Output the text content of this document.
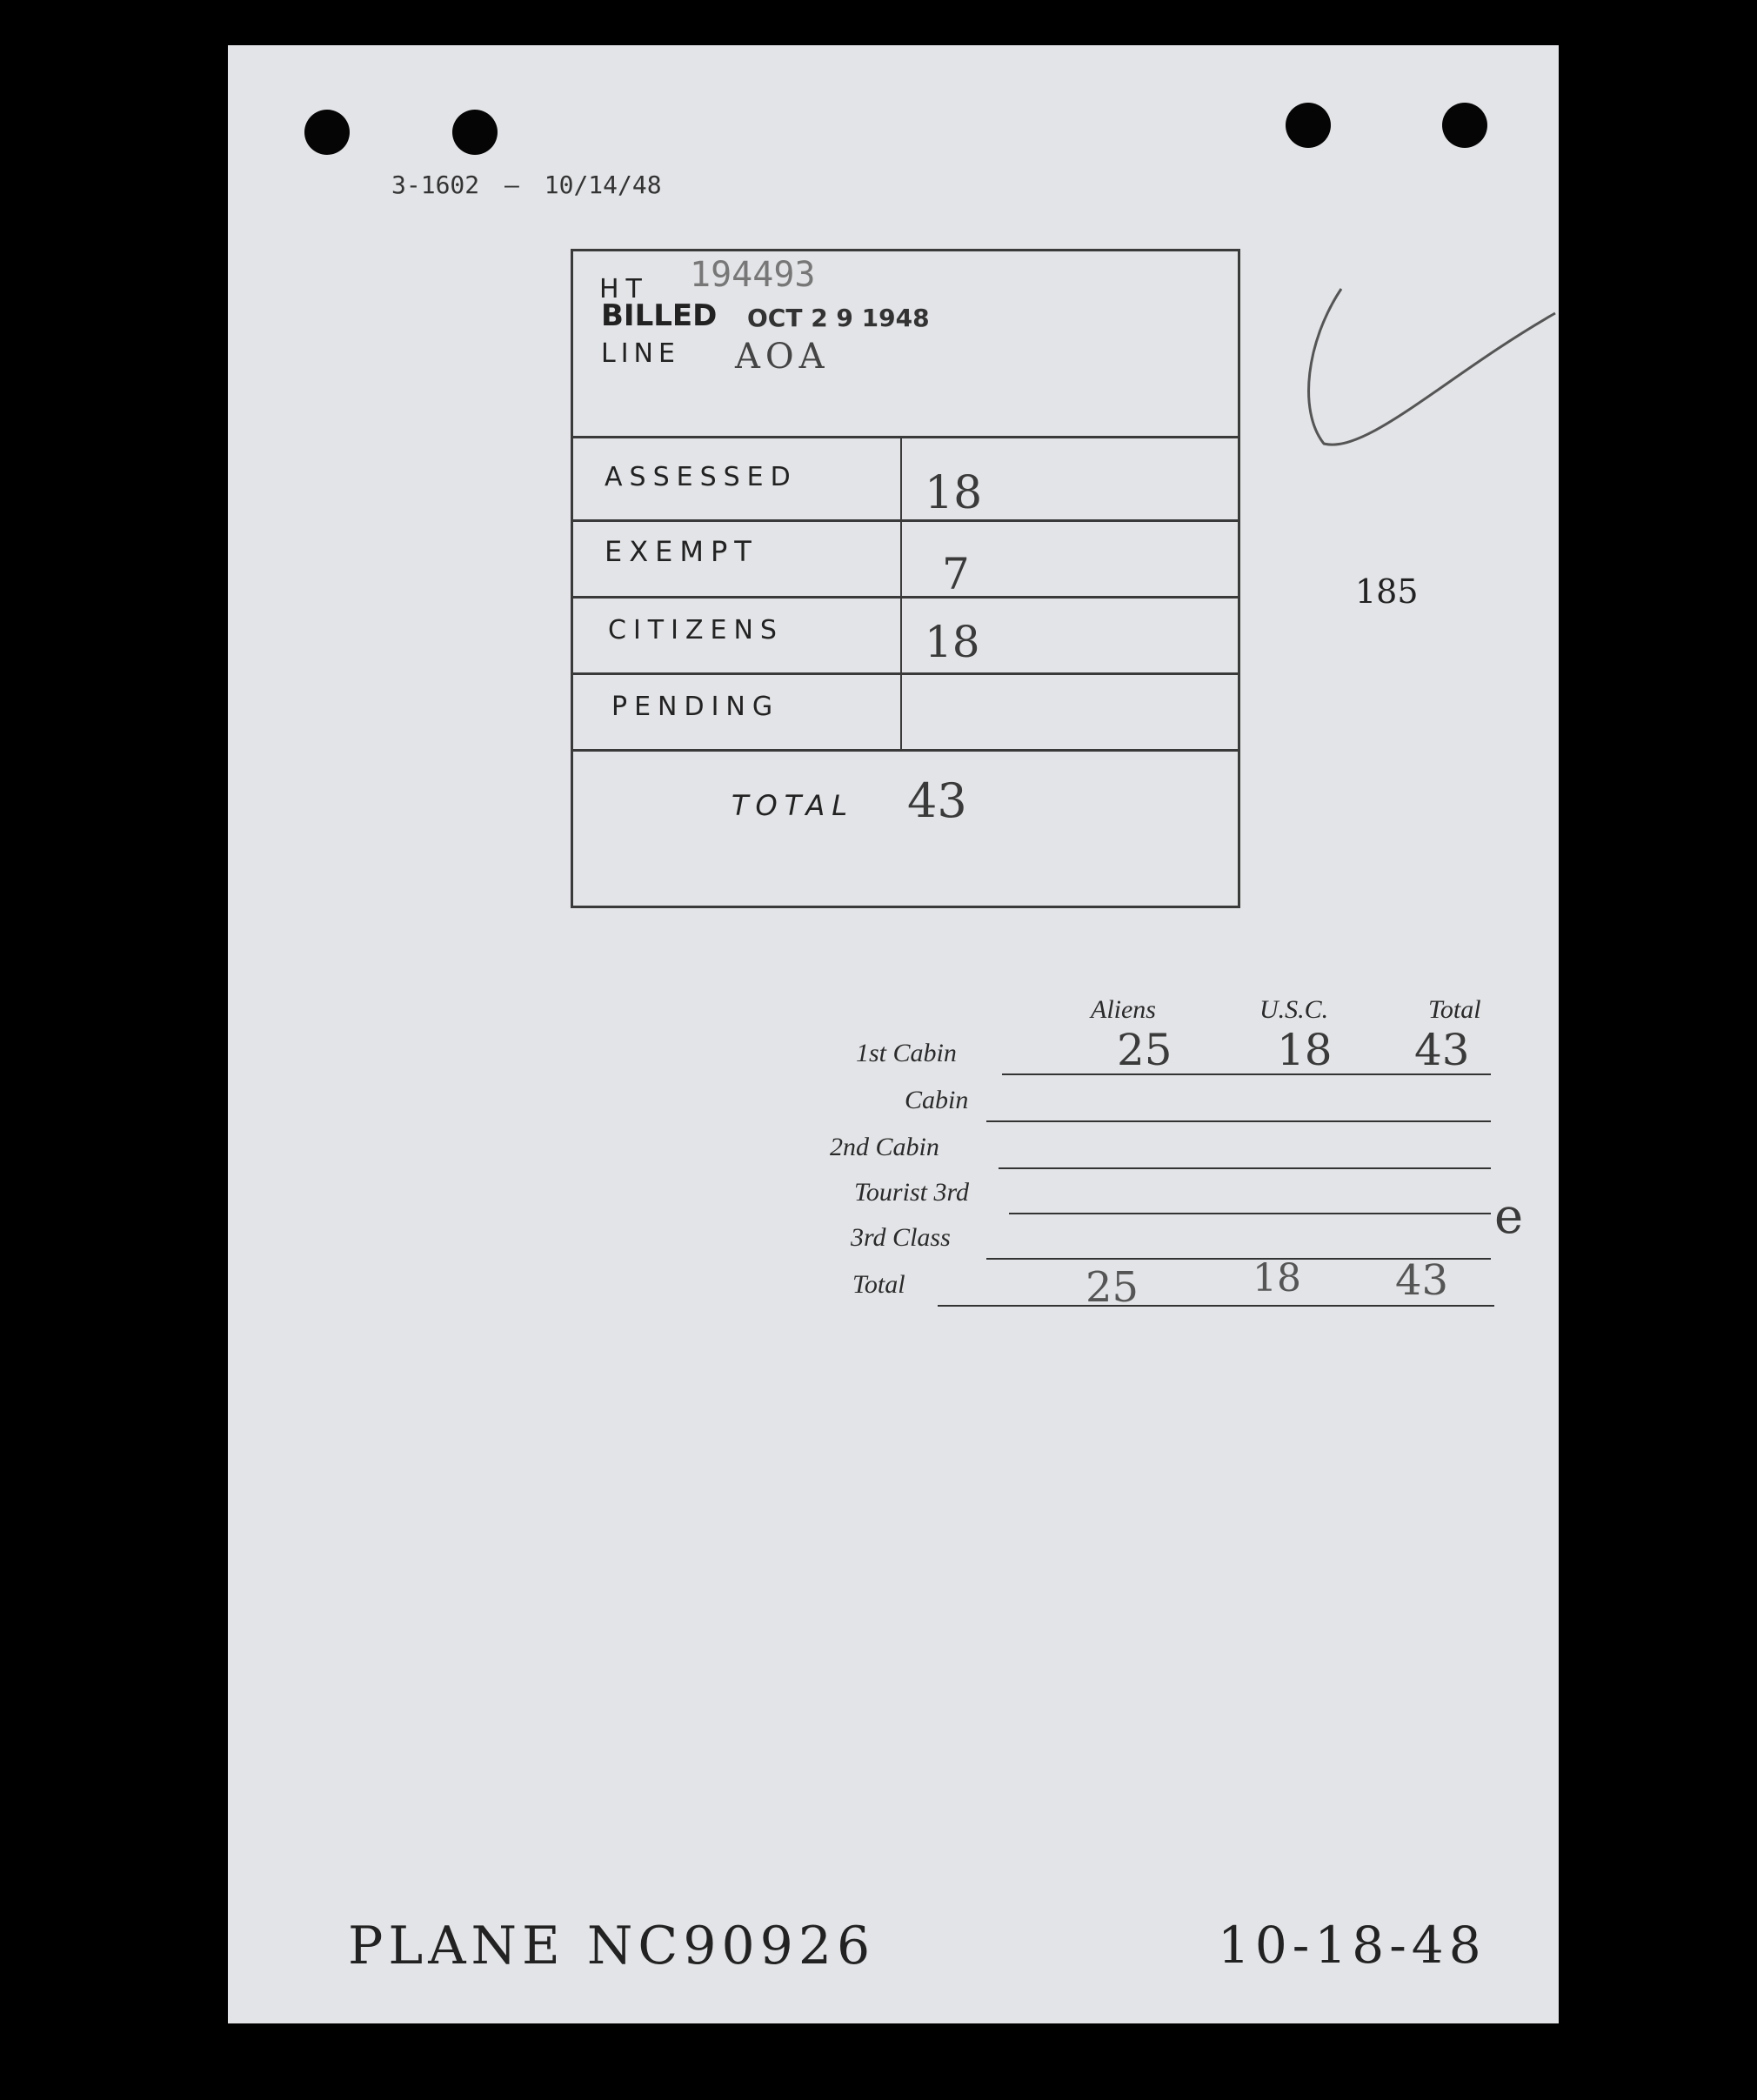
3-1602 — 10/14/48
HT 194493
BILLED OCT 2 9 1948
LINE AOA
ASSESSED	18
EXEMPT	7
CITIZENS	18
PENDING
TOTAL 43
185
Aliens	U.S.C.	Total
1st Cabin	25 18 43
Cabin
2nd Cabin
Tourist 3rd	e
3rd Class
Total	25	18 43
PLANE NC90926	10-18-48
